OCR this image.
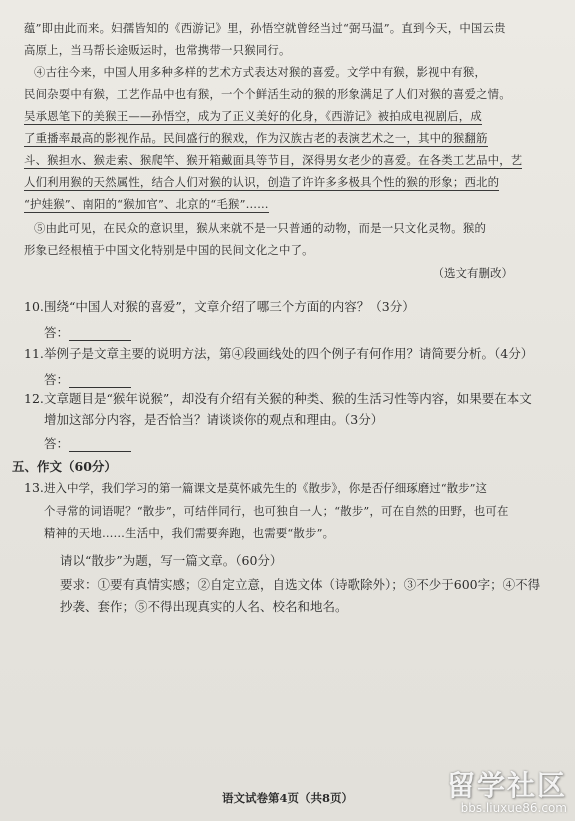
蕴”即由此而来。妇孺皆知的《西游记》里，孙悟空就曾经当过“弼马温”。直到今天，中国云贵
高原上，当马帮长途贩运时，也常携带一只猴同行。
④古往今来，中国人用多种多样的艺术方式表达对猴的喜爱。文学中有猴，影视中有猴，
民间杂耍中有猴，工艺作品中也有猴，一个个鲜活生动的猴的形象满足了人们对猴的喜爱之情。
吴承恩笔下的美猴王——孙悟空，成为了正义美好的化身，《西游记》被拍成电视剧后，成
了重播率最高的影视作品。民间盛行的猴戏，作为汉族古老的表演艺术之一，其中的猴翻筋
斗、猴担水、猴走索、猴爬竿、猴开箱戴面具等节目，深得男女老少的喜爱。在各类工艺品中，艺
人们利用猴的天然属性，结合人们对猴的认识，创造了许许多多极具个性的猴的形象；西北的
“护娃猴”、南阳的“猴加官”、北京的“毛猴”……
⑤由此可见，在民众的意识里，猴从来就不是一只普通的动物，而是一只文化灵物。猴的
形象已经根植于中国文化特别是中国的民间文化之中了。
（选文有删改）
10.围绕“中国人对猴的喜爱”，文章介绍了哪三个方面的内容？（3分）
答：
11.举例子是文章主要的说明方法，第④段画线处的四个例子有何作用？请简要分析。（4分）
答：
12.文章题目是“猴年说猴”，却没有介绍有关猴的种类、猴的生活习性等内容，如果要在本文
增加这部分内容，是否恰当？请谈谈你的观点和理由。（3分）
答：
五、作文（60分）
13.进入中学，我们学习的第一篇课文是莫怀戚先生的《散步》，你是否仔细琢磨过“散步”这
个寻常的词语呢？“散步”，可结伴同行，也可独自一人；“散步”，可在自然的田野，也可在
精神的天地……生活中，我们需要奔跑，也需要“散步”。
请以“散步”为题，写一篇文章。（60分）
要求：①要有真情实感；②自定立意，自选文体（诗歌除外）；③不少于600字；④不得
抄袭、套作；⑤不得出现真实的人名、校名和地名。
语文试卷第4页（共8页）	留学社区
bbs.liuxue86.com
